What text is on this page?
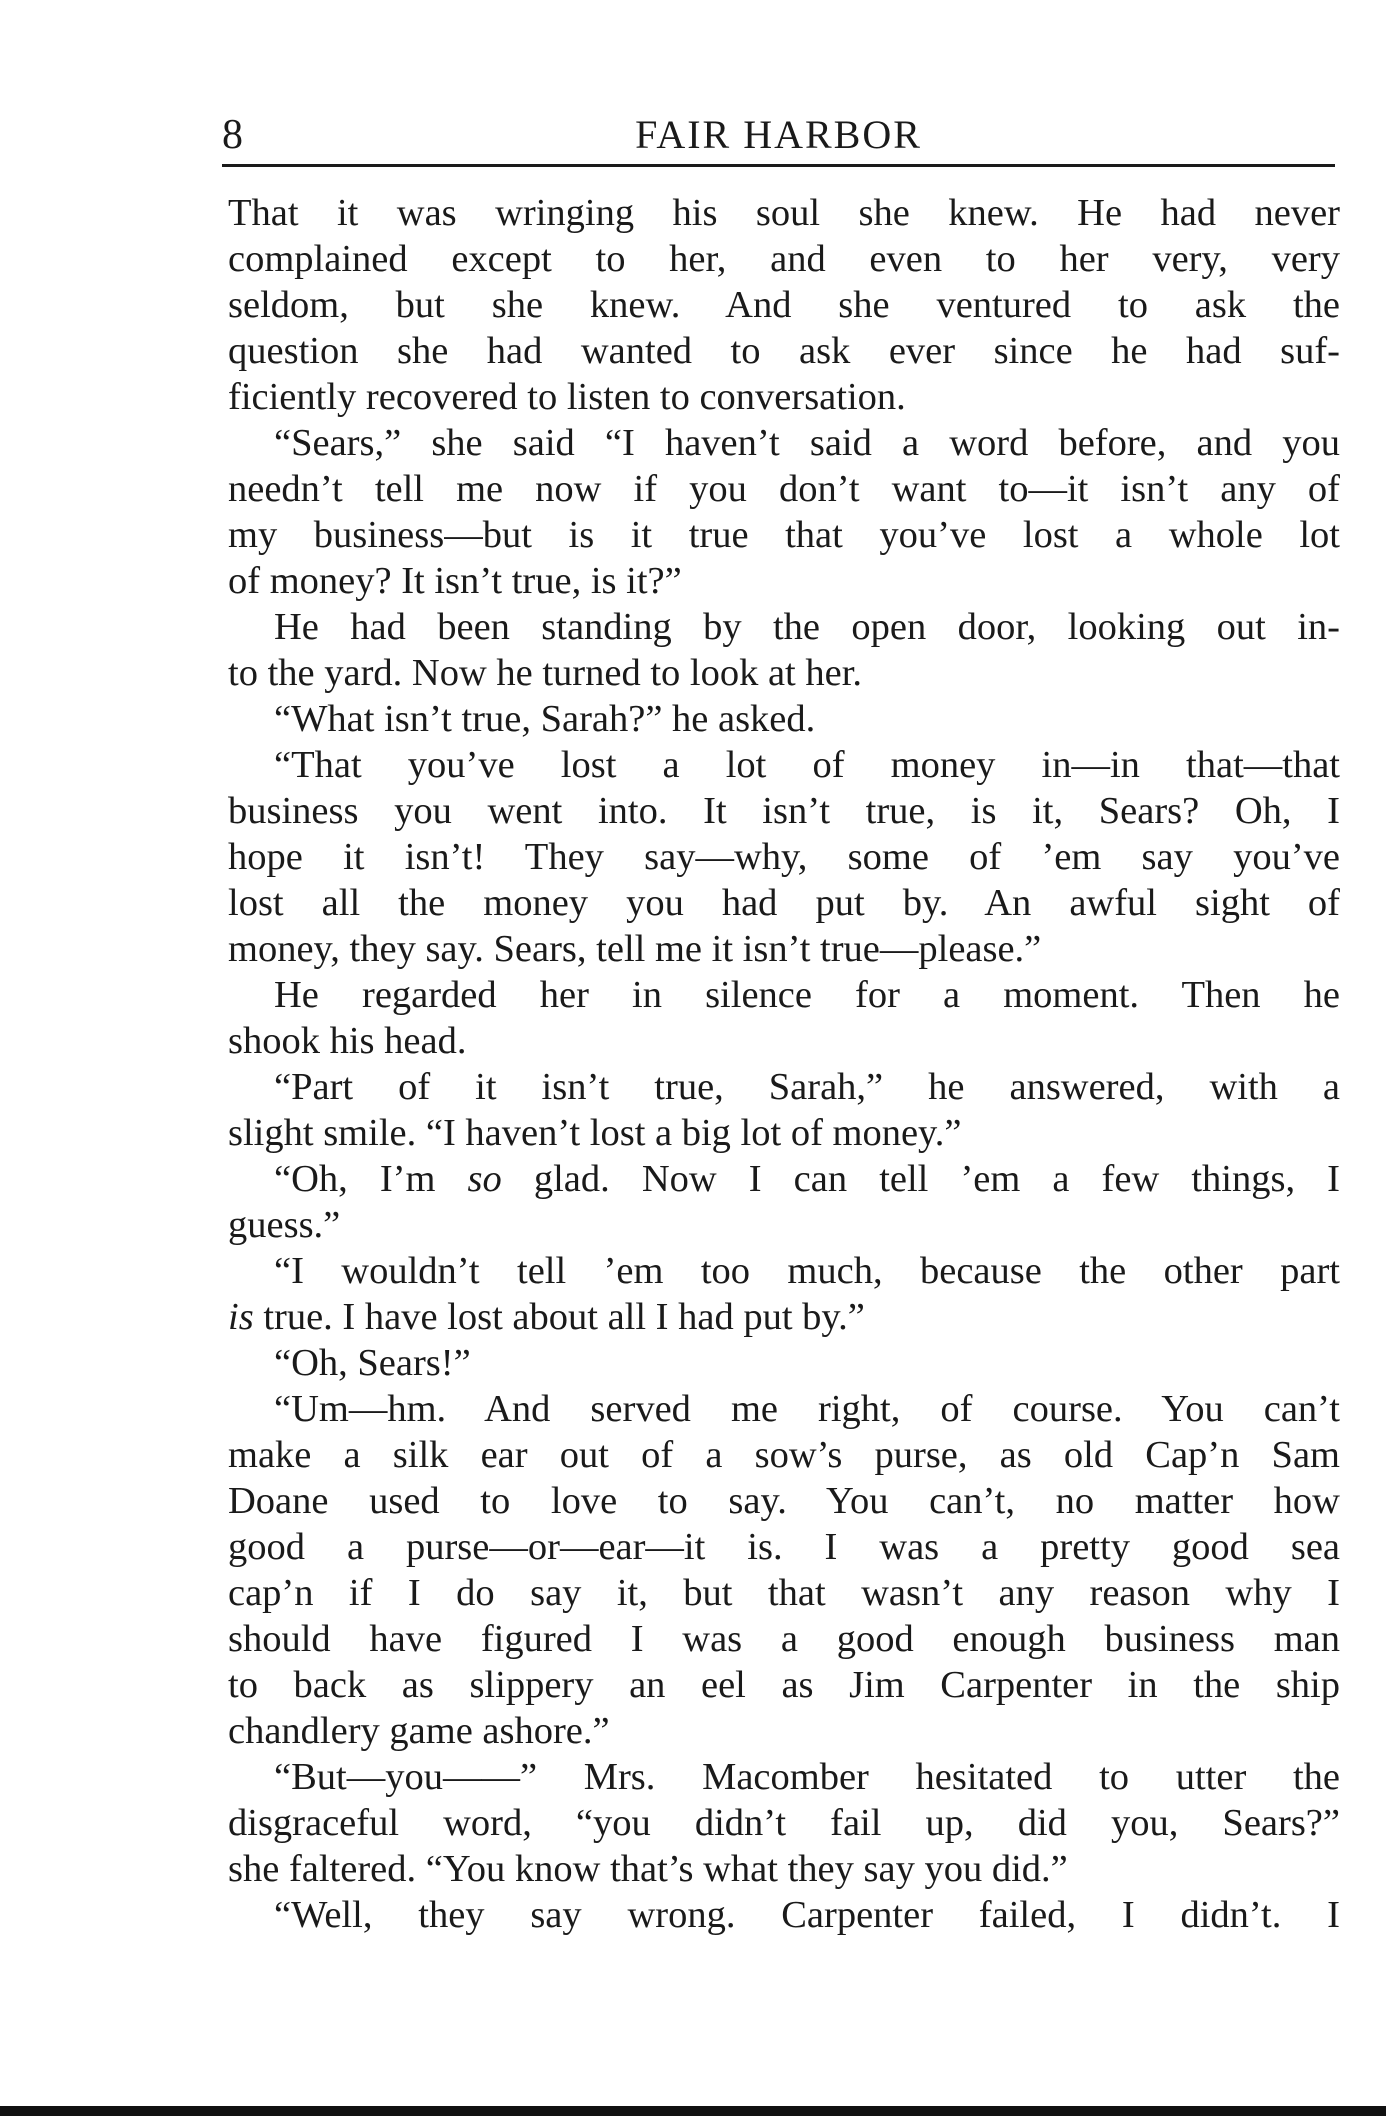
8	FAIR HARBOR
That it was wringing his soul she knew. He had never
complained except to her, and even to her very, very
seldom, but she knew. And she ventured to ask the
question she had wanted to ask ever since he had suf-
ficiently recovered to listen to conversation.
“Sears,” she said “I haven’t said a word before, and you
needn’t tell me now if you don’t want to—it isn’t any of
my business—but is it true that you’ve lost a whole lot
of money? It isn’t true, is it?”
He had been standing by the open door, looking out in-
to the yard. Now he turned to look at her.
“What isn’t true, Sarah?” he asked.
“That you’ve lost a lot of money in—in that—that
business you went into. It isn’t true, is it, Sears? Oh, I
hope it isn’t! They say—why, some of ’em say you’ve
lost all the money you had put by. An awful sight of
money, they say. Sears, tell me it isn’t true—please.”
He regarded her in silence for a moment. Then he
shook his head.
“Part of it isn’t true, Sarah,” he answered, with a
slight smile. “I haven’t lost a big lot of money.”
“Oh, I’m so glad. Now I can tell ’em a few things, I
guess.”
“I wouldn’t tell ’em too much, because the other part
is true. I have lost about all I had put by.”
“Oh, Sears!”
“Um—hm. And served me right, of course. You can’t
make a silk ear out of a sow’s purse, as old Cap’n Sam
Doane used to love to say. You can’t, no matter how
good a purse—or—ear—it is. I was a pretty good sea
cap’n if I do say it, but that wasn’t any reason why I
should have figured I was a good enough business man
to back as slippery an eel as Jim Carpenter in the ship
chandlery game ashore.”
“But—you——” Mrs. Macomber hesitated to utter the
disgraceful word, “you didn’t fail up, did you, Sears?”
she faltered. “You know that’s what they say you did.”
“Well, they say wrong. Carpenter failed, I didn’t. I
